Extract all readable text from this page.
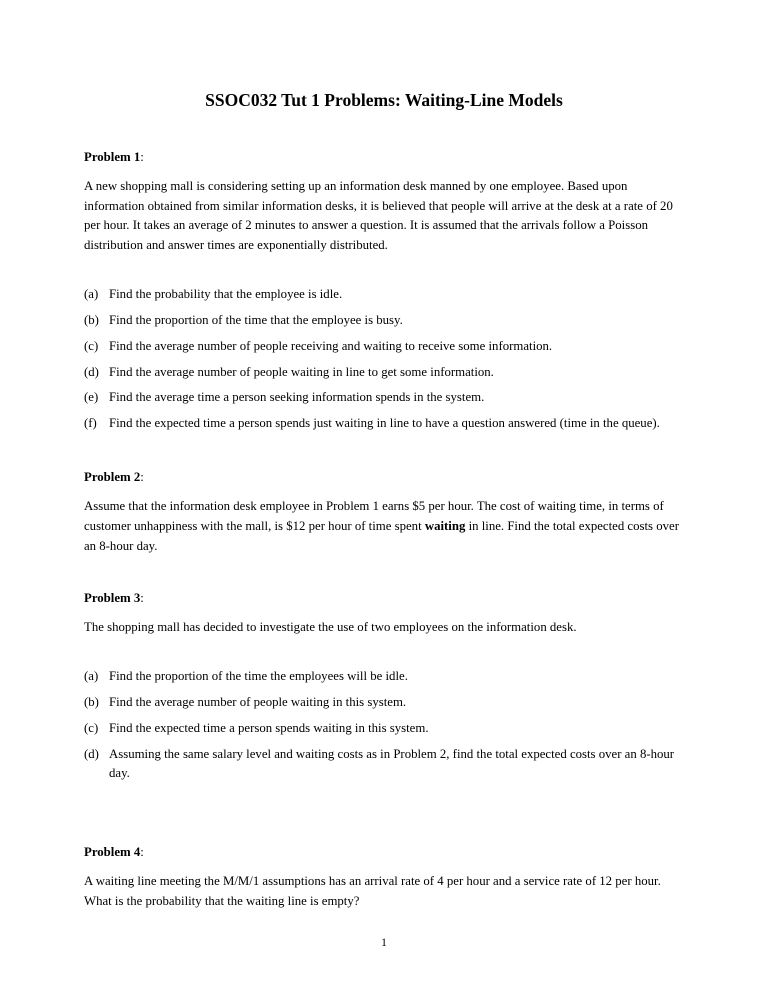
SSOC032 Tut 1 Problems: Waiting-Line Models

Problem 1:

A new shopping mall is considering setting up an information desk manned by one employee. Based upon information obtained from similar information desks, it is believed that people will arrive at the desk at a rate of 20 per hour. It takes an average of 2 minutes to answer a question. It is assumed that the arrivals follow a Poisson distribution and answer times are exponentially distributed.

(a) Find the probability that the employee is idle.
(b) Find the proportion of the time that the employee is busy.
(c) Find the average number of people receiving and waiting to receive some information.
(d) Find the average number of people waiting in line to get some information.
(e) Find the average time a person seeking information spends in the system.
(f) Find the expected time a person spends just waiting in line to have a question answered (time in the queue).

Problem 2:

Assume that the information desk employee in Problem 1 earns $5 per hour. The cost of waiting time, in terms of customer unhappiness with the mall, is $12 per hour of time spent waiting in line. Find the total expected costs over an 8-hour day.

Problem 3:

The shopping mall has decided to investigate the use of two employees on the information desk.

(a) Find the proportion of the time the employees will be idle.
(b) Find the average number of people waiting in this system.
(c) Find the expected time a person spends waiting in this system.
(d) Assuming the same salary level and waiting costs as in Problem 2, find the total expected costs over an 8-hour day.

Problem 4:

A waiting line meeting the M/M/1 assumptions has an arrival rate of 4 per hour and a service rate of 12 per hour. What is the probability that the waiting line is empty?

1
